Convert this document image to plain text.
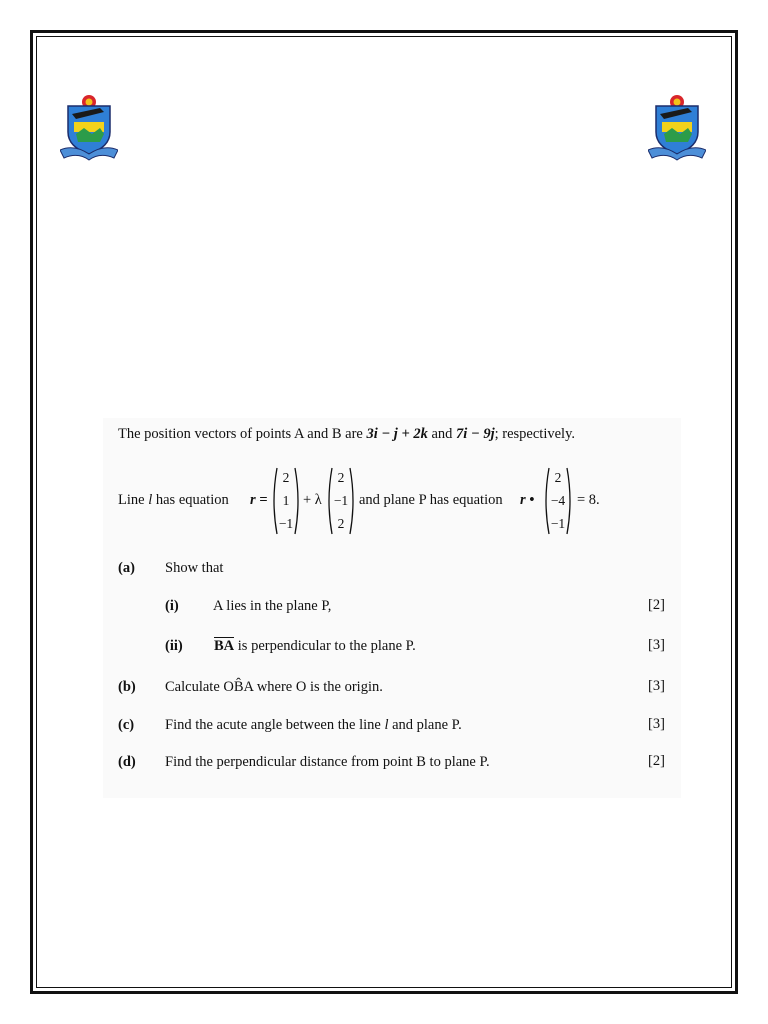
The position vectors of points A and B are 3i − j + 2k and 7i − 9j; respectively.
Line l has equation r =
2
1
−1
+ λ
2
−1
2
and plane P has equation r •
2
−4
−1
= 8.
(a) Show that
(i) A lies in the plane P,	[2]
(ii) BA is perpendicular to the plane P.	[3]
(b) Calculate OB̂A where O is the origin.	[3]
(c) Find the acute angle between the line l and plane P.	[3]
(d) Find the perpendicular distance from point B to plane P.	[2]
